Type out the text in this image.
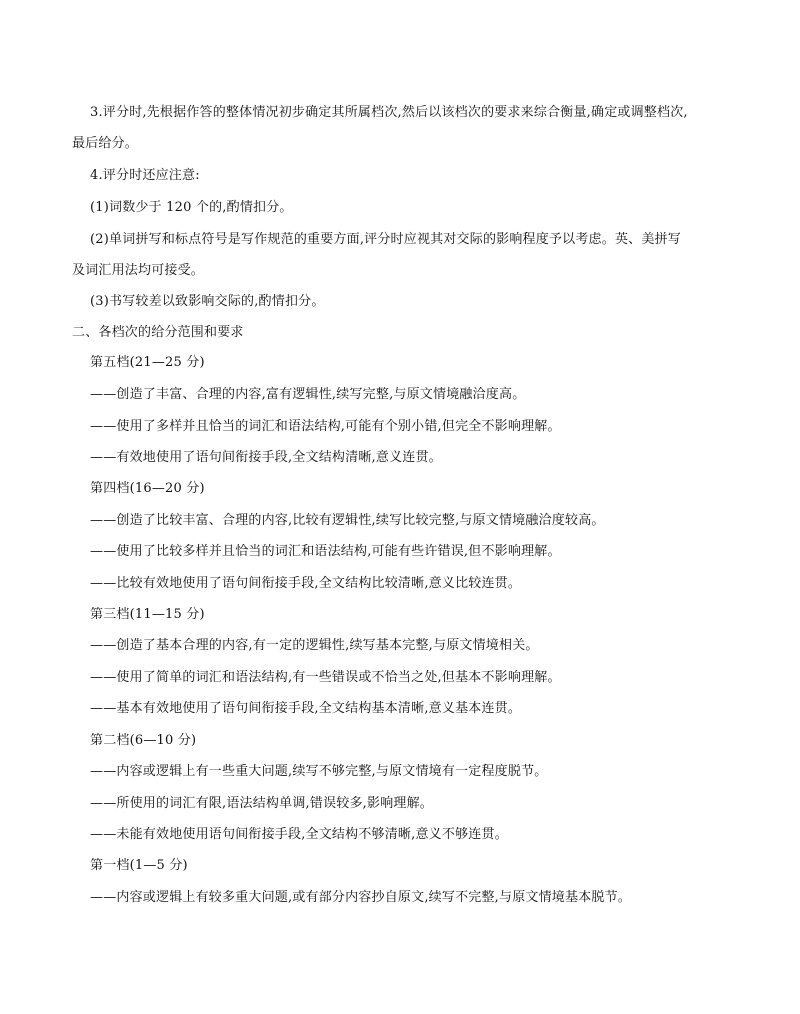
3.评分时,先根据作答的整体情况初步确定其所属档次,然后以该档次的要求来综合衡量,确定或调整档次,

最后给分。

4.评分时还应注意:

(1)词数少于 120 个的,酌情扣分。

(2)单词拼写和标点符号是写作规范的重要方面,评分时应视其对交际的影响程度予以考虑。英、美拼写

及词汇用法均可接受。

(3)书写较差以致影响交际的,酌情扣分。

二、各档次的给分范围和要求

第五档(21—25 分)

——创造了丰富、合理的内容,富有逻辑性,续写完整,与原文情境融洽度高。

——使用了多样并且恰当的词汇和语法结构,可能有个别小错,但完全不影响理解。

——有效地使用了语句间衔接手段,全文结构清晰,意义连贯。

第四档(16—20 分)

——创造了比较丰富、合理的内容,比较有逻辑性,续写比较完整,与原文情境融洽度较高。

——使用了比较多样并且恰当的词汇和语法结构,可能有些许错误,但不影响理解。

——比较有效地使用了语句间衔接手段,全文结构比较清晰,意义比较连贯。

第三档(11—15 分)

——创造了基本合理的内容,有一定的逻辑性,续写基本完整,与原文情境相关。

——使用了简单的词汇和语法结构,有一些错误或不恰当之处,但基本不影响理解。

——基本有效地使用了语句间衔接手段,全文结构基本清晰,意义基本连贯。

第二档(6—10 分)

——内容或逻辑上有一些重大问题,续写不够完整,与原文情境有一定程度脱节。

——所使用的词汇有限,语法结构单调,错误较多,影响理解。

——未能有效地使用语句间衔接手段,全文结构不够清晰,意义不够连贯。

第一档(1—5 分)

——内容或逻辑上有较多重大问题,或有部分内容抄自原文,续写不完整,与原文情境基本脱节。
